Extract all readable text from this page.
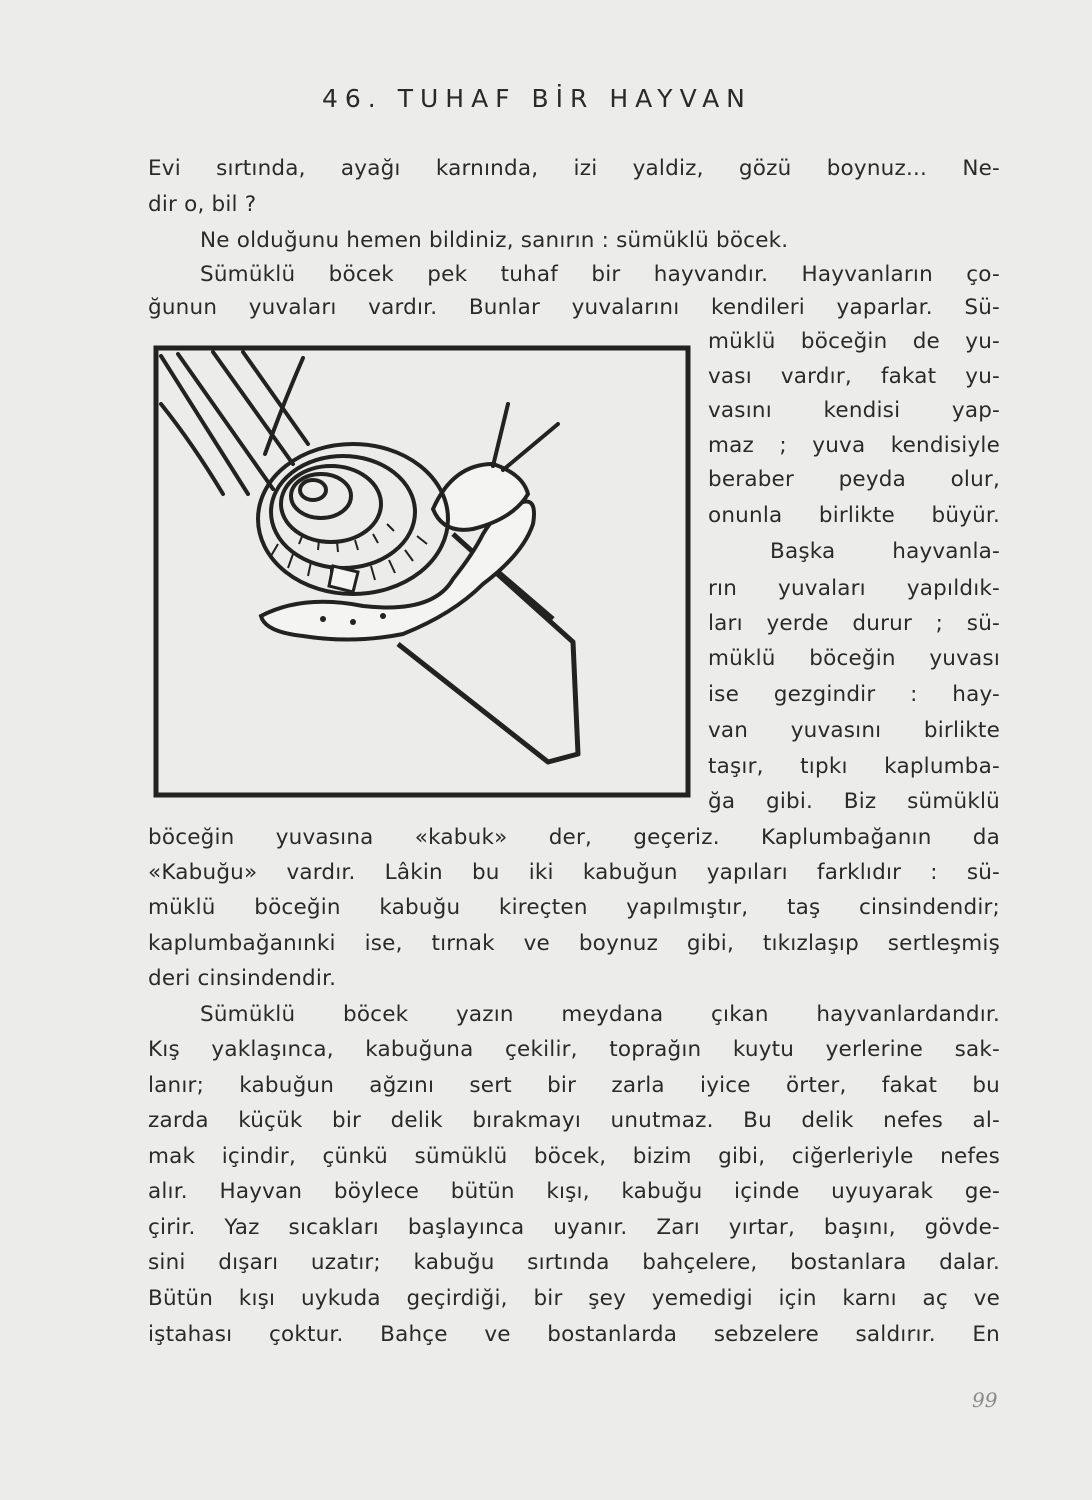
46. TUHAF BİR HAYVAN
Evi sırtında, ayağı karnında, izi yaldiz, gözü boynuz... Ne-
dir o, bil ?
Ne olduğunu hemen bildiniz, sanırın : sümüklü böcek.
Sümüklü böcek pek tuhaf bir hayvandır. Hayvanların ço-
ğunun yuvaları vardır. Bunlar yuvalarını kendileri yaparlar. Sü-
müklü böceğin de yu-
vası vardır, fakat yu-
vasını kendisi yap-
maz ; yuva kendisiyle
beraber peyda olur,
onunla birlikte büyür.
Başka hayvanla-
rın yuvaları yapıldık-
ları yerde durur ; sü-
müklü böceğin yuvası
ise gezgindir : hay-
van yuvasını birlikte
taşır, tıpkı kaplumba-
ğa gibi. Biz sümüklü
böceğin yuvasına «kabuk» der, geçeriz. Kaplumbağanın da
«Kabuğu» vardır. Lâkin bu iki kabuğun yapıları farklıdır : sü-
müklü böceğin kabuğu kireçten yapılmıştır, taş cinsindendir;
kaplumbağanınki ise, tırnak ve boynuz gibi, tıkızlaşıp sertleşmiş
deri cinsindendir.
Sümüklü böcek yazın meydana çıkan hayvanlardandır.
Kış yaklaşınca, kabuğuna çekilir, toprağın kuytu yerlerine sak-
lanır; kabuğun ağzını sert bir zarla iyice örter, fakat bu
zarda küçük bir delik bırakmayı unutmaz. Bu delik nefes al-
mak içindir, çünkü sümüklü böcek, bizim gibi, ciğerleriyle nefes
alır. Hayvan böylece bütün kışı, kabuğu içinde uyuyarak ge-
çirir. Yaz sıcakları başlayınca uyanır. Zarı yırtar, başını, gövde-
sini dışarı uzatır; kabuğu sırtında bahçelere, bostanlara dalar.
Bütün kışı uykuda geçirdiği, bir şey yemedigi için karnı aç ve
iştahası çoktur. Bahçe ve bostanlarda sebzelere saldırır. En
99
